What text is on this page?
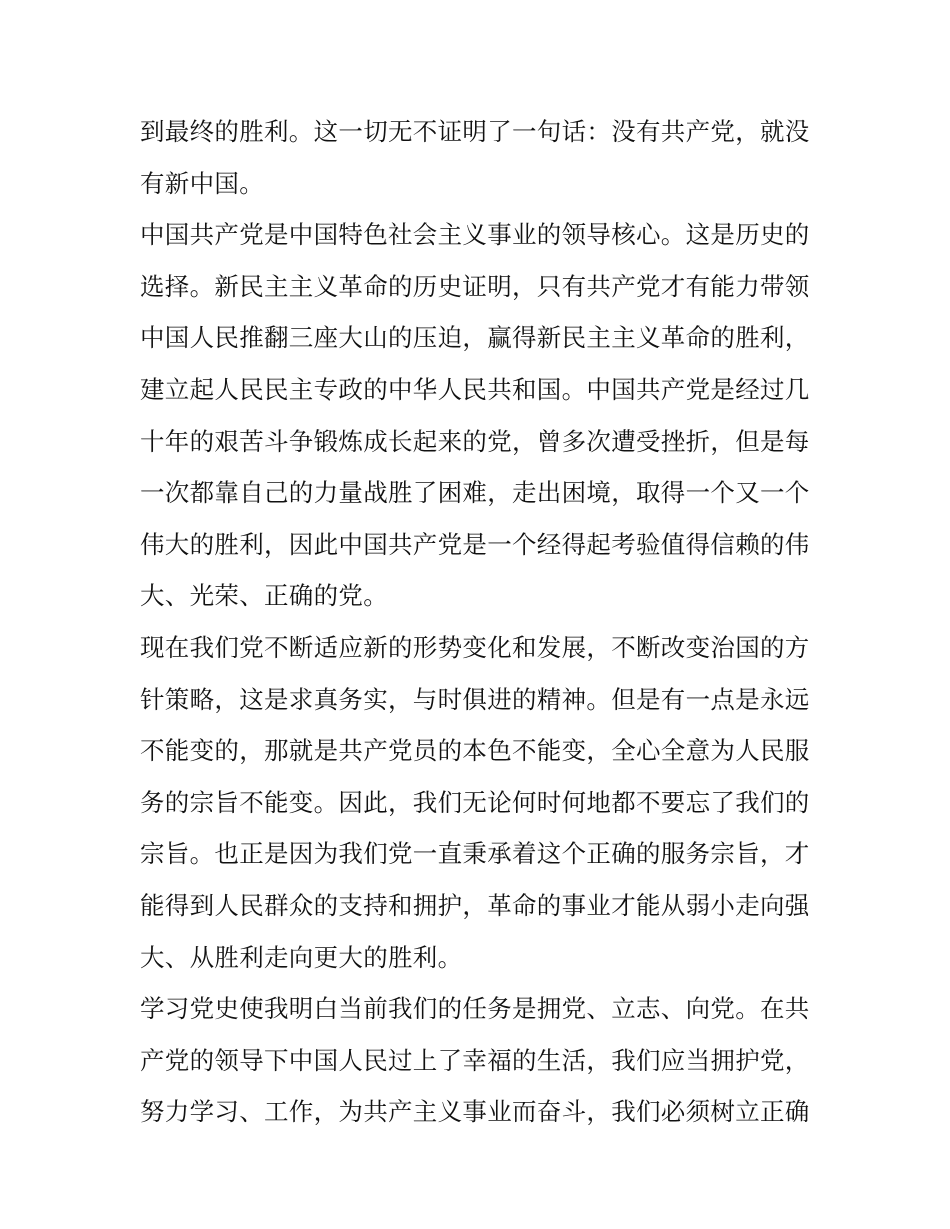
到最终的胜利。这一切无不证明了一句话：没有共产党，就没
有新中国。
中国共产党是中国特色社会主义事业的领导核心。这是历史的
选择。新民主主义革命的历史证明，只有共产党才有能力带领
中国人民推翻三座大山的压迫，赢得新民主主义革命的胜利，
建立起人民民主专政的中华人民共和国。中国共产党是经过几
十年的艰苦斗争锻炼成长起来的党，曾多次遭受挫折，但是每
一次都靠自己的力量战胜了困难，走出困境，取得一个又一个
伟大的胜利，因此中国共产党是一个经得起考验值得信赖的伟
大、光荣、正确的党。
现在我们党不断适应新的形势变化和发展，不断改变治国的方
针策略，这是求真务实，与时俱进的精神。但是有一点是永远
不能变的，那就是共产党员的本色不能变，全心全意为人民服
务的宗旨不能变。因此，我们无论何时何地都不要忘了我们的
宗旨。也正是因为我们党一直秉承着这个正确的服务宗旨，才
能得到人民群众的支持和拥护，革命的事业才能从弱小走向强
大、从胜利走向更大的胜利。
学习党史使我明白当前我们的任务是拥党、立志、向党。在共
产党的领导下中国人民过上了幸福的生活，我们应当拥护党，
努力学习、工作，为共产主义事业而奋斗，我们必须树立正确
